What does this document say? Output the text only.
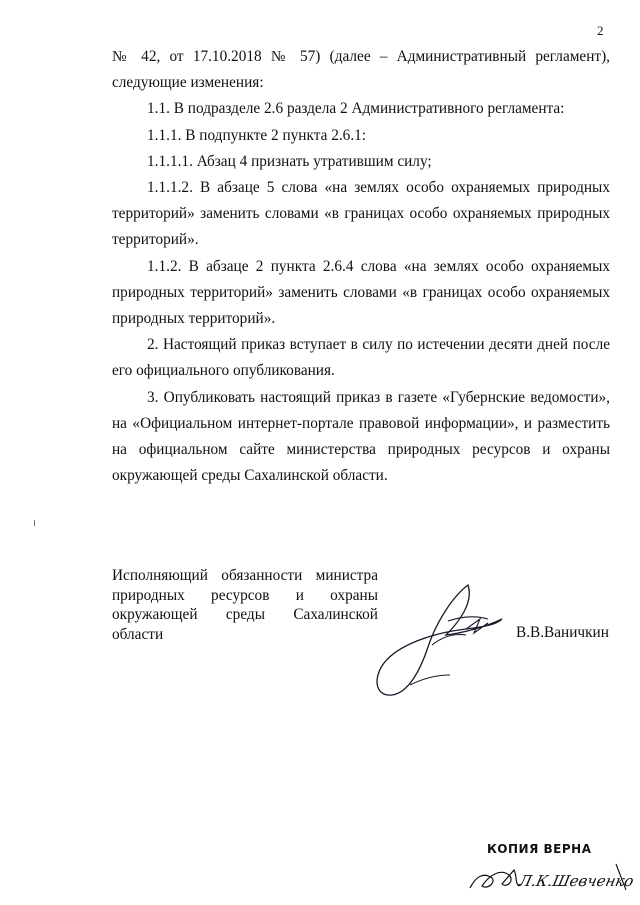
2

№ 42, от 17.10.2018 № 57) (далее – Административный регламент), следующие изменения:

1.1. В подразделе 2.6 раздела 2 Административного регламента:

1.1.1. В подпункте 2 пункта 2.6.1:

1.1.1.1. Абзац 4 признать утратившим силу;

1.1.1.2. В абзаце 5 слова «на землях особо охраняемых природных территорий» заменить словами «в границах особо охраняемых природных территорий».

1.1.2. В абзаце 2 пункта 2.6.4 слова «на землях особо охраняемых природных территорий» заменить словами «в границах особо охраняемых природных территорий».

2. Настоящий приказ вступает в силу по истечении десяти дней после его официального опубликования.

3. Опубликовать настоящий приказ в газете «Губернские ведомости», на «Официальном интернет-портале правовой информации», и разместить на официальном сайте министерства природных ресурсов и охраны окружающей среды Сахалинской области.

Исполняющий обязанности министра природных ресурсов и охраны окружающей среды Сахалинской

области	В.В.Ваничкин
КОПИЯ ВЕРНА
Л.К.Шевченко
